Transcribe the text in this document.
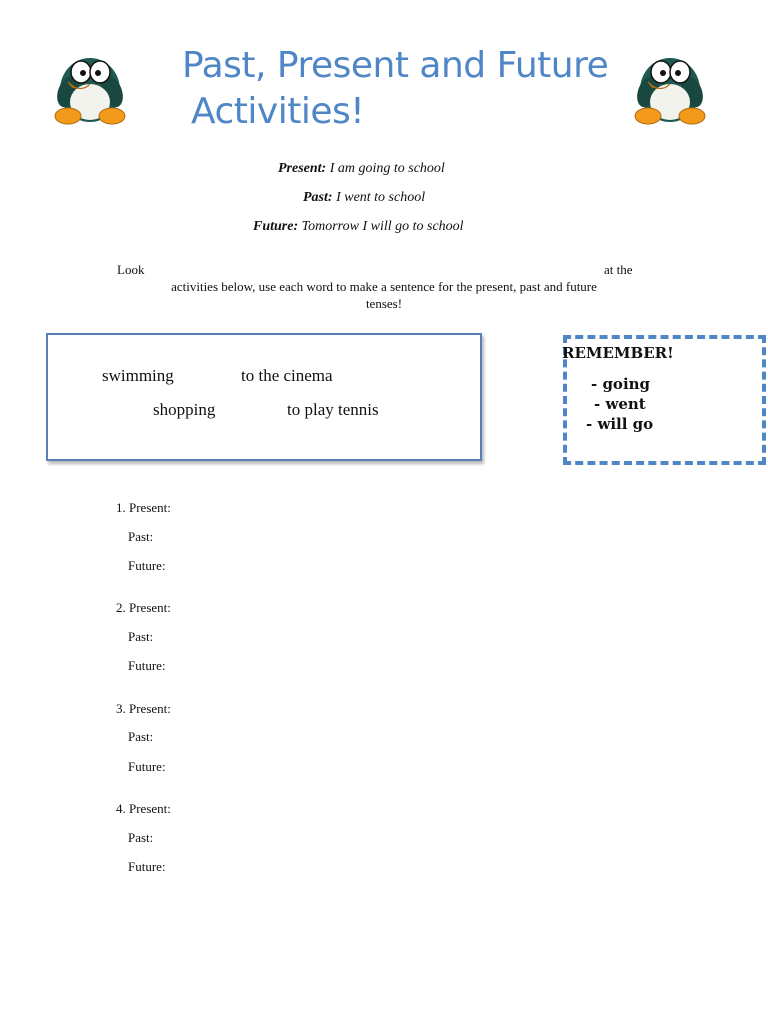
Past, Present and Future
Activities!
Present: I am going to school
Past: I went to school
Future: Tomorrow I will go to school
Look	at the
activities below, use each word to make a sentence for the present, past and future
tenses!
swimming	to the cinema
shopping	to play tennis
REMEMBER!
- going
- went
- will go
1. Present:
Past:
Future:
2. Present:
Past:
Future:
3. Present:
Past:
Future:
4. Present:
Past:
Future:
